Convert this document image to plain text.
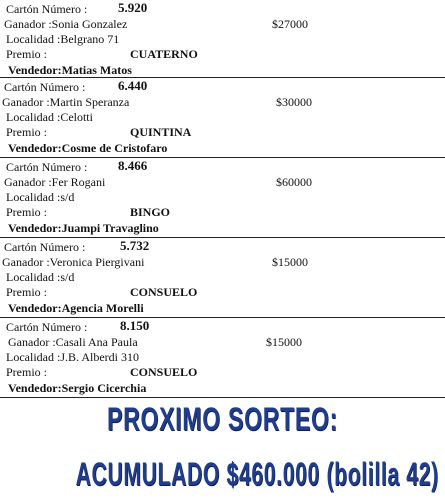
Cartón Número : 5.920
Ganador :Sonia Gonzalez	$27000
Localidad :Belgrano 71
Premio :	CUATERNO
Vendedor:Matias Matos
Cartón Número :	6.440
Ganador :Martin Speranza	$30000
Localidad :Celotti
Premio :	QUINTINA
Vendedor:Cosme de Cristofaro
Cartón Número : 8.466
Ganador :Fer Rogani	$60000
Localidad :s/d
Premio :	BINGO
Vendedor:Juampi Travaglino
Cartón Número :	5.732
Ganador :Veronica Piergivani	$15000
Localidad :s/d
Premio :	CONSUELO
Vendedor:Agencia Morelli
Cartón Número :	8.150
Ganador :Casali Ana Paula	$15000
Localidad :J.B. Alberdi 310
Premio :	CONSUELO
Vendedor:Sergio Cicerchia
PROXIMO SORTEO:
ACUMULADO $460.000 (bolilla 42)
